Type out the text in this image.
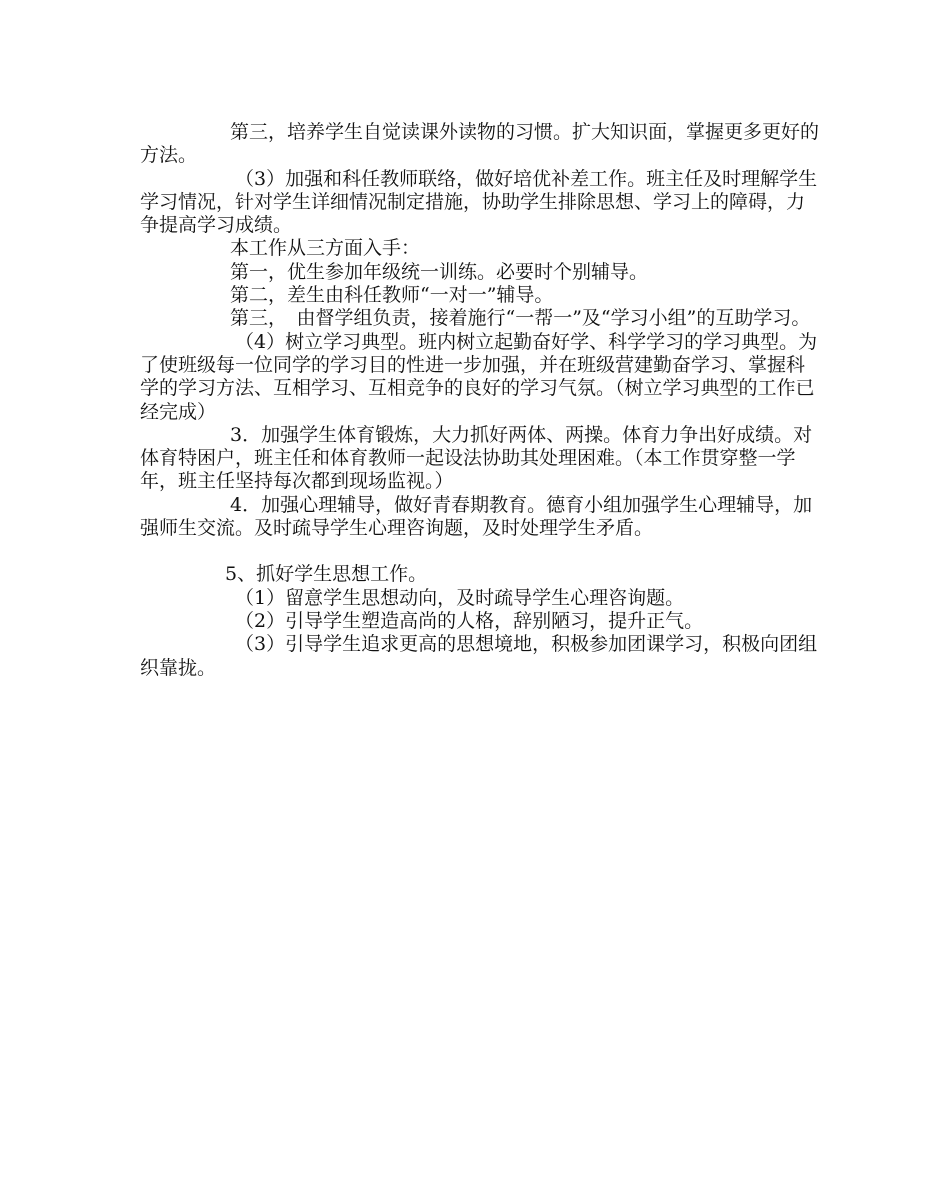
第三，培养学生自觉读课外读物的习惯。扩大知识面，掌握更多更好的方法。

（3）加强和科任教师联络，做好培优补差工作。班主任及时理解学生学习情况，针对学生详细情况制定措施，协助学生排除思想、学习上的障碍，力争提高学习成绩。

本工作从三方面入手：

第一，优生参加年级统一训练。必要时个别辅导。

第二，差生由科任教师“一对一”辅导。

第三，　由督学组负责，接着施行“一帮一”及“学习小组”的互助学习。

（4）树立学习典型。班内树立起勤奋好学、科学学习的学习典型。为了使班级每一位同学的学习目的性进一步加强，并在班级营建勤奋学习、掌握科学的学习方法、互相学习、互相竞争的良好的学习气氛。（树立学习典型的工作已经完成）

3．加强学生体育锻炼，大力抓好两体、两操。体育力争出好成绩。对体育特困户，班主任和体育教师一起设法协助其处理困难。（本工作贯穿整一学年，班主任坚持每次都到现场监视。）

4．加强心理辅导，做好青春期教育。德育小组加强学生心理辅导，加强师生交流。及时疏导学生心理咨询题，及时处理学生矛盾。

5、抓好学生思想工作。

（1）留意学生思想动向，及时疏导学生心理咨询题。

（2）引导学生塑造高尚的人格，辞别陋习，提升正气。

（3）引导学生追求更高的思想境地，积极参加团课学习，积极向团组织靠拢。
